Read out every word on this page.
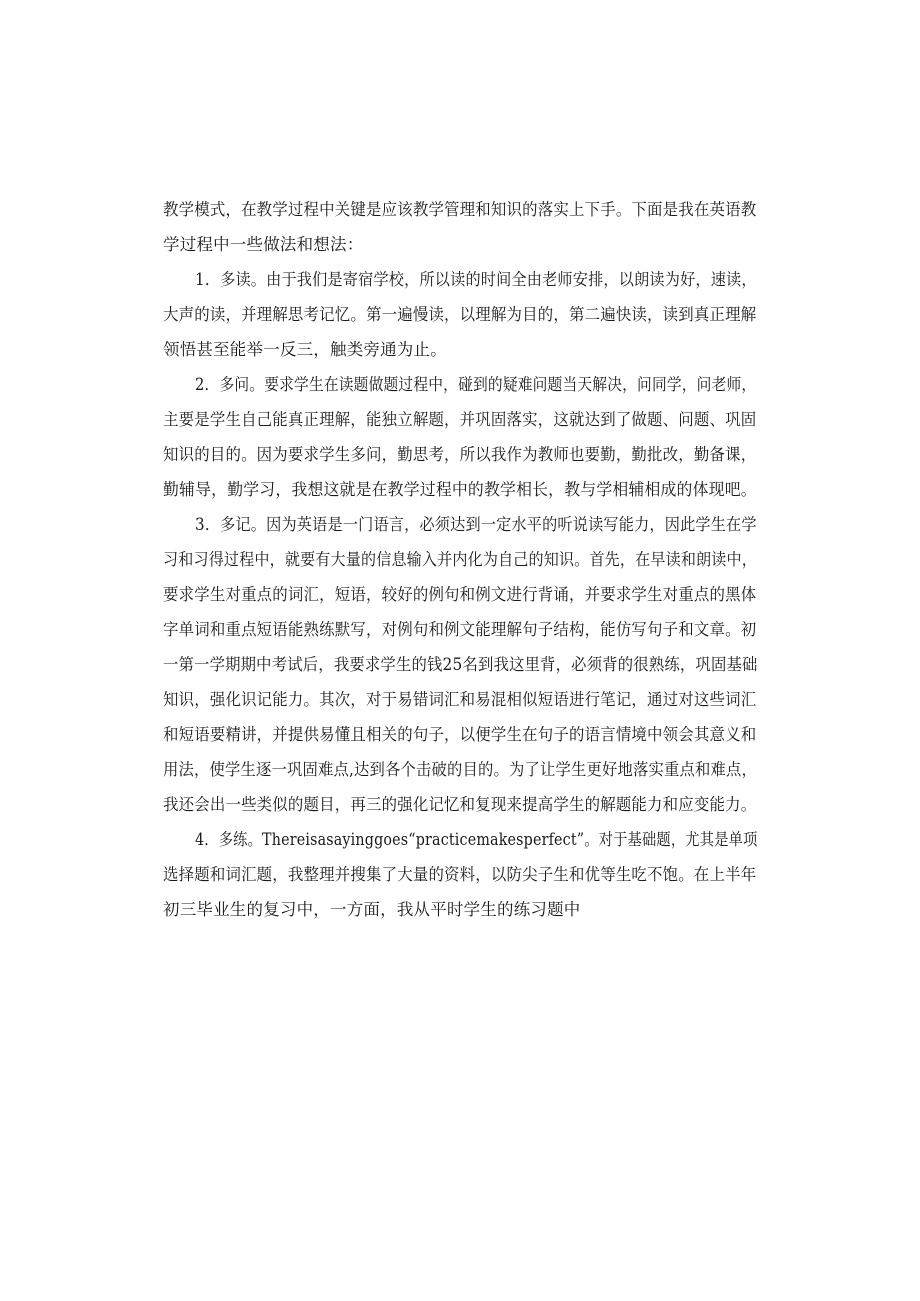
教学模式，在教学过程中关键是应该教学管理和知识的落实上下手。下面是我在英语教
学过程中一些做法和想法：
1．多读。由于我们是寄宿学校，所以读的时间全由老师安排，以朗读为好，速读，
大声的读，并理解思考记忆。第一遍慢读，以理解为目的，第二遍快读，读到真正理解
领悟甚至能举一反三，触类旁通为止。
2．多问。要求学生在读题做题过程中，碰到的疑难问题当天解决，问同学，问老师，
主要是学生自己能真正理解，能独立解题，并巩固落实，这就达到了做题、问题、巩固
知识的目的。因为要求学生多问，勤思考，所以我作为教师也要勤，勤批改，勤备课，
勤辅导，勤学习，我想这就是在教学过程中的教学相长，教与学相辅相成的体现吧。
3．多记。因为英语是一门语言，必须达到一定水平的听说读写能力，因此学生在学
习和习得过程中，就要有大量的信息输入并内化为自己的知识。首先，在早读和朗读中，
要求学生对重点的词汇，短语，较好的例句和例文进行背诵，并要求学生对重点的黑体
字单词和重点短语能熟练默写，对例句和例文能理解句子结构，能仿写句子和文章。初
一第一学期期中考试后，我要求学生的钱25名到我这里背，必须背的很熟练，巩固基础
知识，强化识记能力。其次，对于易错词汇和易混相似短语进行笔记，通过对这些词汇
和短语要精讲，并提供易懂且相关的句子，以便学生在句子的语言情境中领会其意义和
用法，使学生逐一巩固难点,达到各个击破的目的。为了让学生更好地落实重点和难点，
我还会出一些类似的题目，再三的强化记忆和复现来提高学生的解题能力和应变能力。
4．多练。Thereisasayinggoes“practicemakesperfect”。对于基础题，尤其是单项
选择题和词汇题，我整理并搜集了大量的资料，以防尖子生和优等生吃不饱。在上半年
初三毕业生的复习中，一方面，我从平时学生的练习题中
